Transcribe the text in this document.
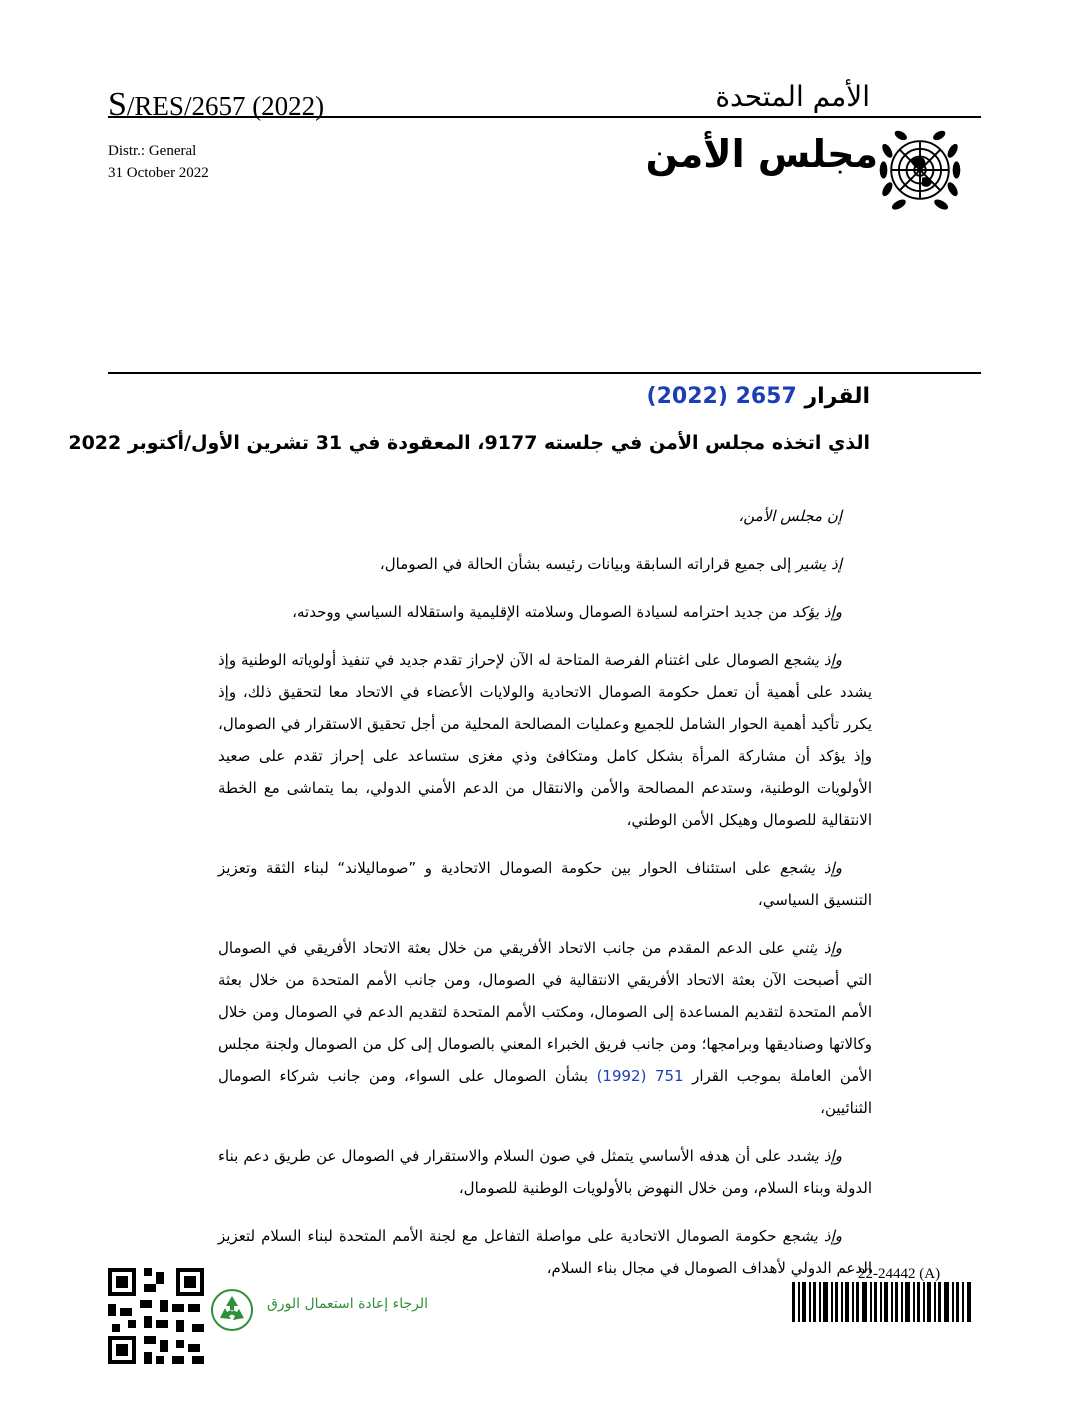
S/RES/2657 (2022)	الأمم المتحدة
Distr.: General
31 October 2022	مجلس الأمن
القرار 2657 (2022)
الذي اتخذه مجلس الأمن في جلسته 9177، المعقودة في 31 تشرين الأول/أكتوبر 2022

إن مجلس الأمن،

إذ يشير إلى جميع قراراته السابقة وبيانات رئيسه بشأن الحالة في الصومال،

وإذ يؤكد من جديد احترامه لسيادة الصومال وسلامته الإقليمية واستقلاله السياسي ووحدته،

وإذ يشجع الصومال على اغتنام الفرصة المتاحة له الآن لإحراز تقدم جديد في تنفيذ أولوياته الوطنية وإذ يشدد على أهمية أن تعمل حكومة الصومال الاتحادية والولايات الأعضاء في الاتحاد معا لتحقيق ذلك، وإذ يكرر تأكيد أهمية الحوار الشامل للجميع وعمليات المصالحة المحلية من أجل تحقيق الاستقرار في الصومال، وإذ يؤكد أن مشاركة المرأة بشكل كامل ومتكافئ وذي مغزى ستساعد على إحراز تقدم على صعيد الأولويات الوطنية، وستدعم المصالحة والأمن والانتقال من الدعم الأمني الدولي، بما يتماشى مع الخطة الانتقالية للصومال وهيكل الأمن الوطني،

وإذ يشجع على استئناف الحوار بين حكومة الصومال الاتحادية و ”صوماليلاند“ لبناء الثقة وتعزيز التنسيق السياسي،

وإذ يثني على الدعم المقدم من جانب الاتحاد الأفريقي من خلال بعثة الاتحاد الأفريقي في الصومال التي أصبحت الآن بعثة الاتحاد الأفريقي الانتقالية في الصومال، ومن جانب الأمم المتحدة من خلال بعثة الأمم المتحدة لتقديم المساعدة إلى الصومال، ومكتب الأمم المتحدة لتقديم الدعم في الصومال ومن خلال وكالاتها وصناديقها وبرامجها؛ ومن جانب فريق الخبراء المعني بالصومال إلى كل من الصومال ولجنة مجلس الأمن العاملة بموجب القرار 751 (1992) بشأن الصومال على السواء، ومن جانب شركاء الصومال الثنائيين،

وإذ يشدد على أن هدفه الأساسي يتمثل في صون السلام والاستقرار في الصومال عن طريق دعم بناء الدولة وبناء السلام، ومن خلال النهوض بالأولويات الوطنية للصومال،

وإذ يشجع حكومة الصومال الاتحادية على مواصلة التفاعل مع لجنة الأمم المتحدة لبناء السلام لتعزيز الدعم الدولي لأهداف الصومال في مجال بناء السلام،

الرجاء إعادة استعمال الورق
22-24442 (A)
